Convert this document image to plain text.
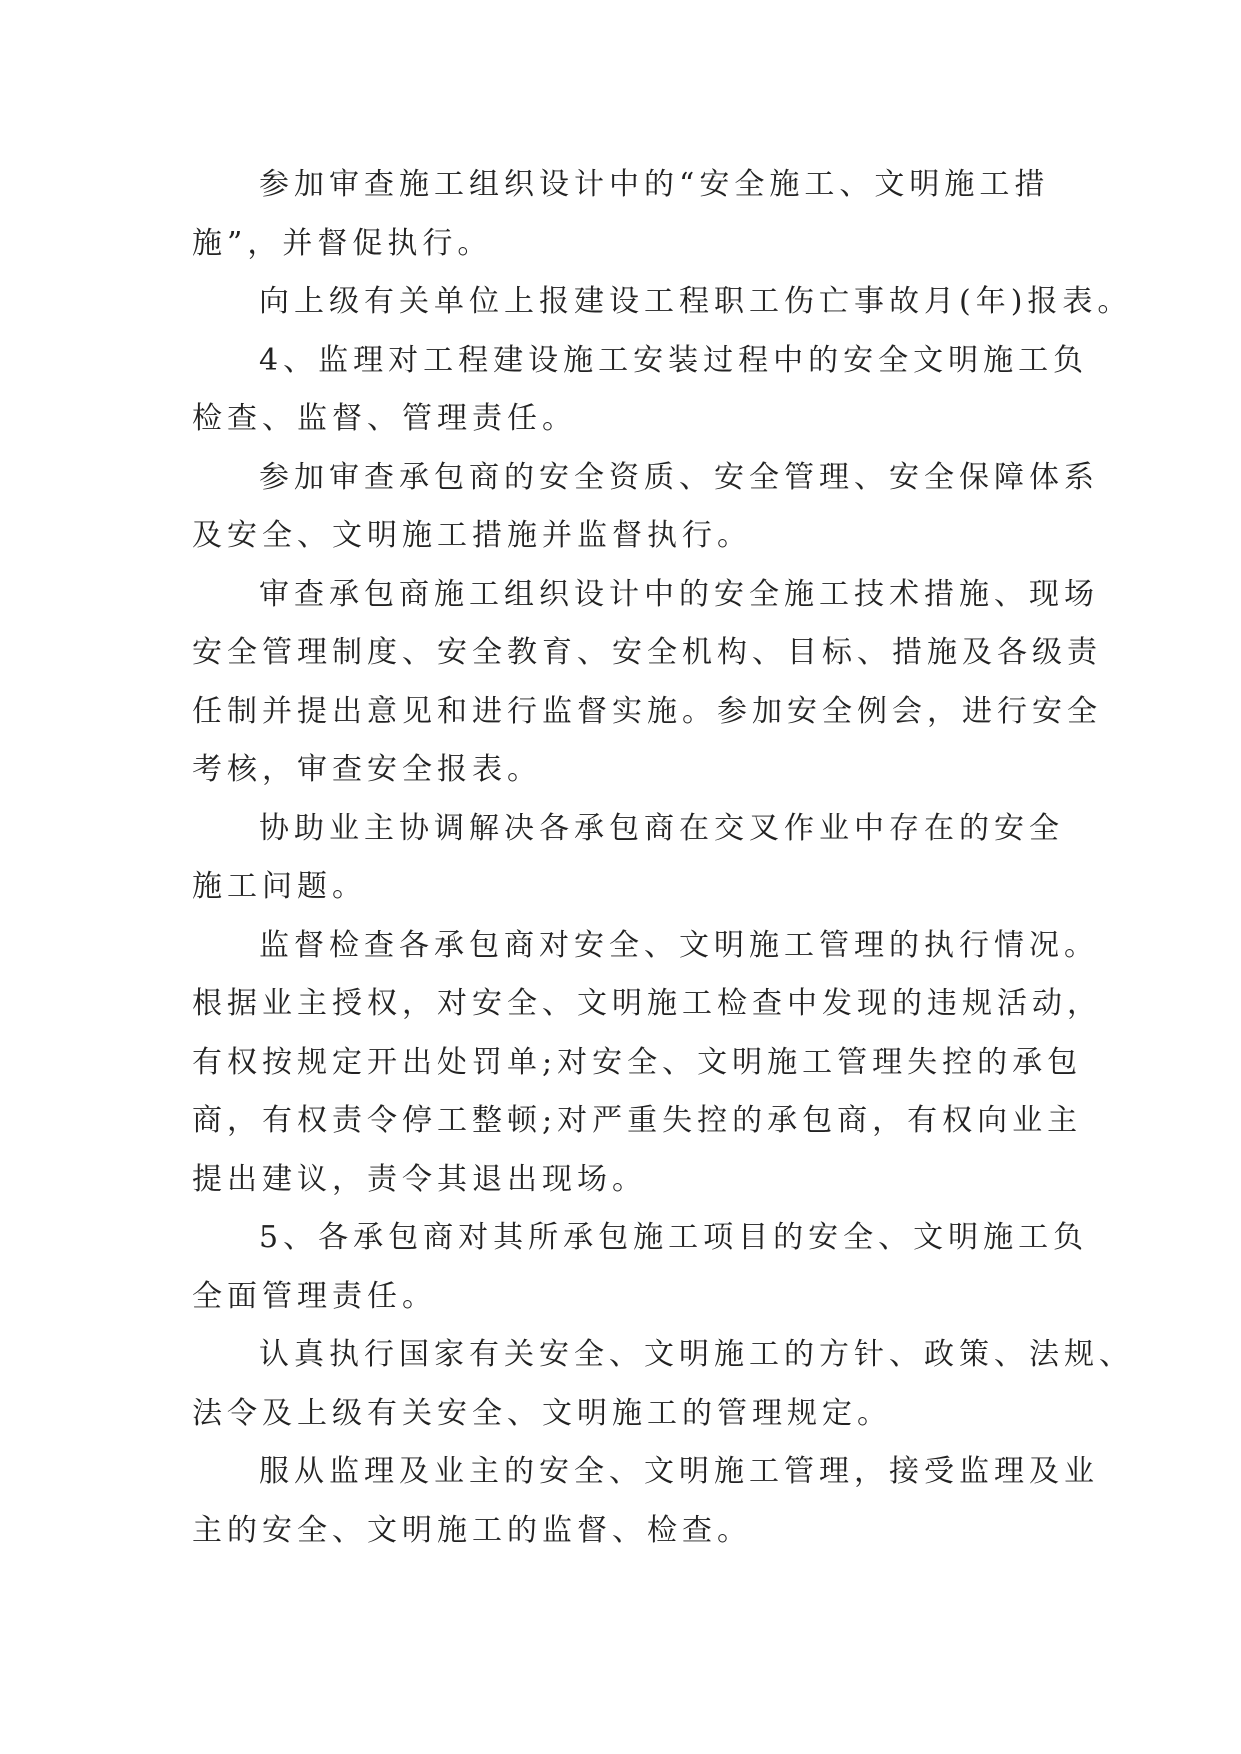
参加审查施工组织设计中的“安全施工、文明施工措
施”，并督促执行。
向上级有关单位上报建设工程职工伤亡事故月(年)报表。
4、监理对工程建设施工安装过程中的安全文明施工负
检查、监督、管理责任。
参加审查承包商的安全资质、安全管理、安全保障体系
及安全、文明施工措施并监督执行。
审查承包商施工组织设计中的安全施工技术措施、现场
安全管理制度、安全教育、安全机构、目标、措施及各级责
任制并提出意见和进行监督实施。参加安全例会，进行安全
考核，审查安全报表。
协助业主协调解决各承包商在交叉作业中存在的安全
施工问题。
监督检查各承包商对安全、文明施工管理的执行情况。
根据业主授权，对安全、文明施工检查中发现的违规活动，
有权按规定开出处罚单;对安全、文明施工管理失控的承包
商，有权责令停工整顿;对严重失控的承包商，有权向业主
提出建议，责令其退出现场。
5、各承包商对其所承包施工项目的安全、文明施工负
全面管理责任。
认真执行国家有关安全、文明施工的方针、政策、法规、
法令及上级有关安全、文明施工的管理规定。
服从监理及业主的安全、文明施工管理，接受监理及业
主的安全、文明施工的监督、检查。
